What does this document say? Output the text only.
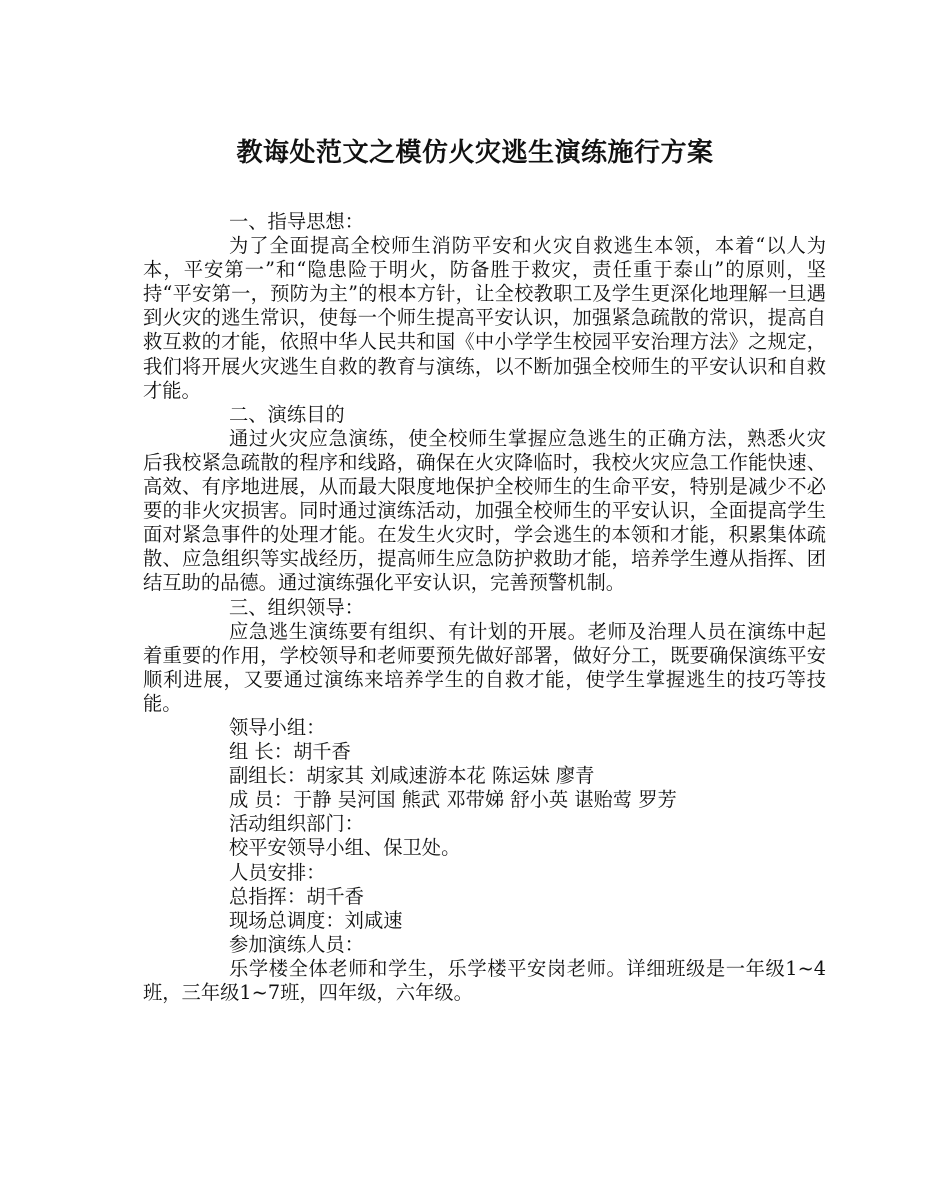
教诲处范文之模仿火灾逃生演练施行方案

一、指导思想：

为了全面提高全校师生消防平安和火灾自救逃生本领，本着“以人为本，平安第一”和“隐患险于明火，防备胜于救灾，责任重于泰山”的原则，坚持“平安第一，预防为主”的根本方针，让全校教职工及学生更深化地理解一旦遇到火灾的逃生常识，使每一个师生提高平安认识，加强紧急疏散的常识，提高自救互救的才能，依照中华人民共和国《中小学学生校园平安治理方法》之规定，我们将开展火灾逃生自救的教育与演练，以不断加强全校师生的平安认识和自救才能。

二、演练目的

通过火灾应急演练，使全校师生掌握应急逃生的正确方法，熟悉火灾后我校紧急疏散的程序和线路，确保在火灾降临时，我校火灾应急工作能快速、高效、有序地进展，从而最大限度地保护全校师生的生命平安，特别是减少不必要的非火灾损害。同时通过演练活动，加强全校师生的平安认识，全面提高学生面对紧急事件的处理才能。在发生火灾时，学会逃生的本领和才能，积累集体疏散、应急组织等实战经历，提高师生应急防护救助才能，培养学生遵从指挥、团结互助的品德。通过演练强化平安认识，完善预警机制。

三、组织领导：

应急逃生演练要有组织、有计划的开展。老师及治理人员在演练中起着重要的作用，学校领导和老师要预先做好部署，做好分工，既要确保演练平安顺利进展，又要通过演练来培养学生的自救才能，使学生掌握逃生的技巧等技能。

领导小组：

组 长：胡千香

副组长：胡家其 刘咸速游本花 陈运妹 廖青

成 员：于静 吴河国 熊武 邓带娣 舒小英 谌贻莺 罗芳

活动组织部门：

校平安领导小组、保卫处。

人员安排：

总指挥：胡千香

现场总调度：刘咸速

参加演练人员：

乐学楼全体老师和学生，乐学楼平安岗老师。详细班级是一年级1~4班，三年级1~7班，四年级，六年级。
